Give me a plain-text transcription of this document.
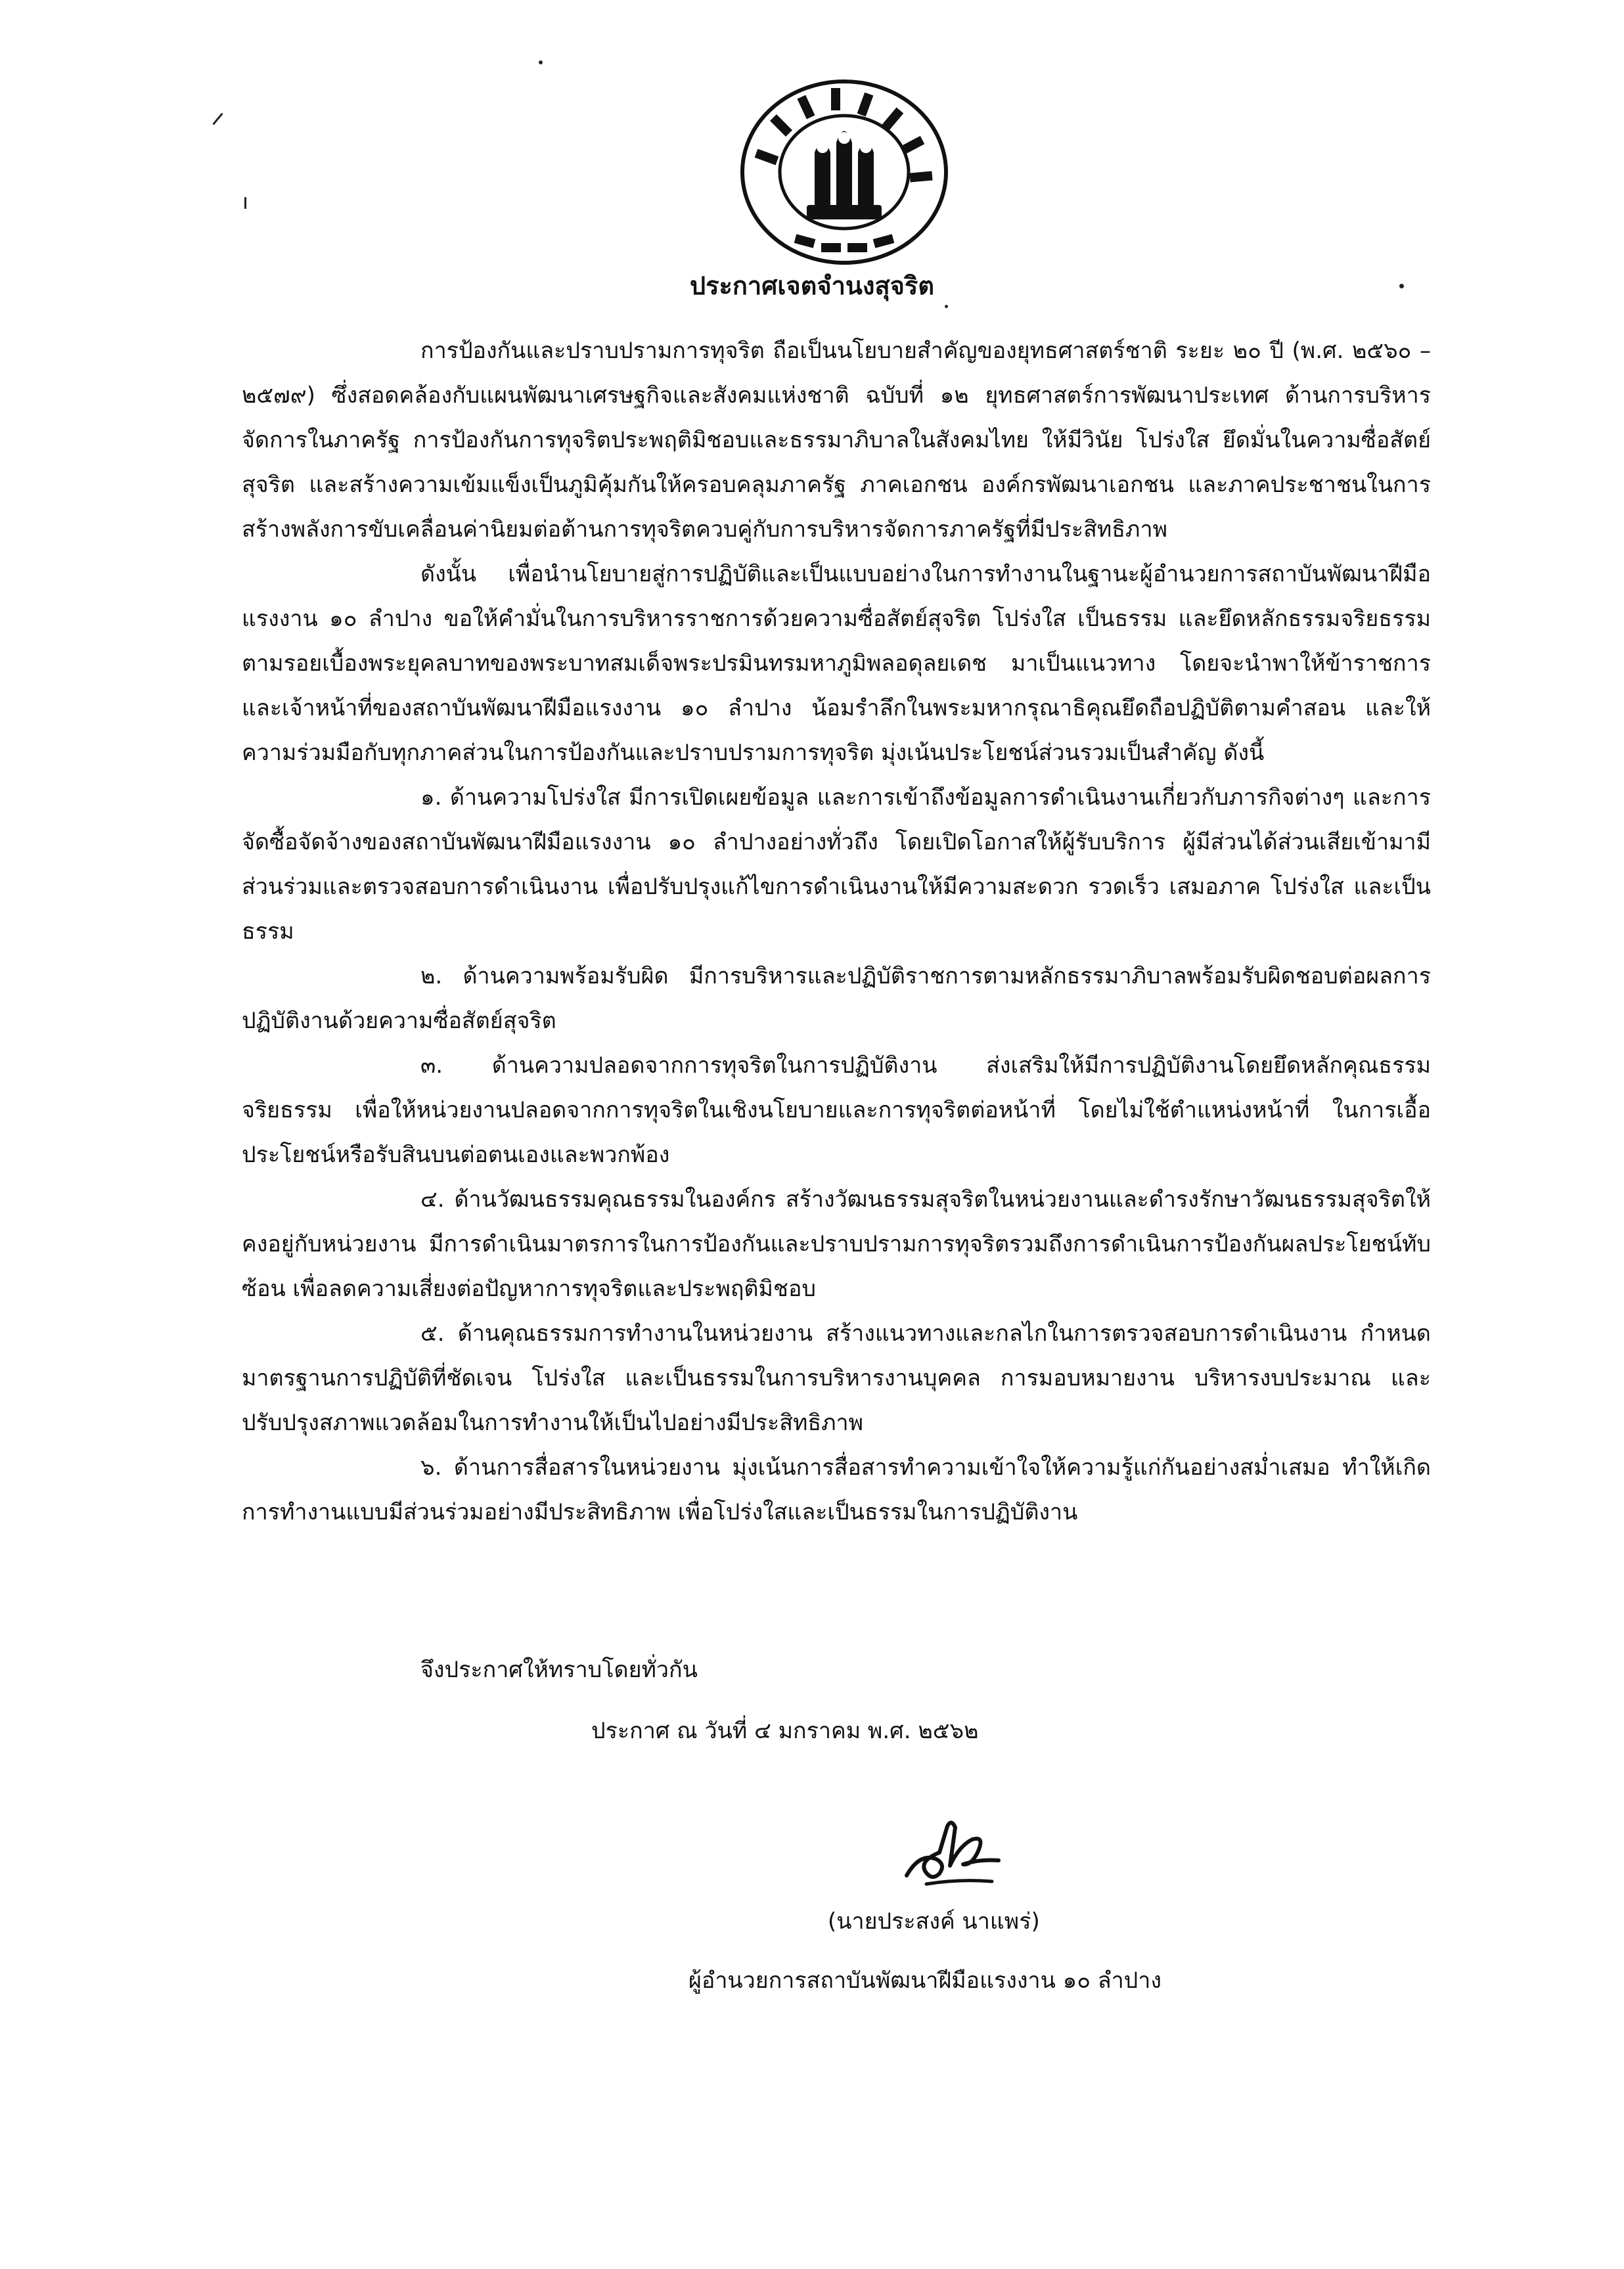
ประกาศเจตจำนงสุจริต

การป้องกันและปราบปรามการทุจริต ถือเป็นนโยบายสำคัญของยุทธศาสตร์ชาติ ระยะ ๒๐ ปี (พ.ศ. ๒๕๖๐ – ๒๕๗๙) ซึ่งสอดคล้องกับแผนพัฒนาเศรษฐกิจและสังคมแห่งชาติ ฉบับที่ ๑๒ ยุทธศาสตร์การพัฒนาประเทศ ด้านการบริหารจัดการในภาครัฐ การป้องกันการทุจริตประพฤติมิชอบและธรรมาภิบาลในสังคมไทย ให้มีวินัย โปร่งใส ยึดมั่นในความซื่อสัตย์สุจริต และสร้างความเข้มแข็งเป็นภูมิคุ้มกันให้ครอบคลุมภาครัฐ ภาคเอกชน องค์กรพัฒนาเอกชน และภาคประชาชนในการสร้างพลังการขับเคลื่อนค่านิยมต่อต้านการทุจริตควบคู่กับการบริหารจัดการภาครัฐที่มีประสิทธิภาพ

ดังนั้น เพื่อนำนโยบายสู่การปฏิบัติและเป็นแบบอย่างในการทำงานในฐานะผู้อำนวยการสถาบันพัฒนาฝีมือแรงงาน ๑๐ ลำปาง ขอให้คำมั่นในการบริหารราชการด้วยความซื่อสัตย์สุจริต โปร่งใส เป็นธรรม และยึดหลักธรรมจริยธรรมตามรอยเบื้องพระยุคลบาทของพระบาทสมเด็จพระปรมินทรมหาภูมิพลอดุลยเดช มาเป็นแนวทาง โดยจะนำพาให้ข้าราชการและเจ้าหน้าที่ของสถาบันพัฒนาฝีมือแรงงาน ๑๐ ลำปาง น้อมรำลึกในพระมหากรุณาธิคุณยึดถือปฏิบัติตามคำสอน และให้ความร่วมมือกับทุกภาคส่วนในการป้องกันและปราบปรามการทุจริต มุ่งเน้นประโยชน์ส่วนรวมเป็นสำคัญ ดังนี้

๑. ด้านความโปร่งใส มีการเปิดเผยข้อมูล และการเข้าถึงข้อมูลการดำเนินงานเกี่ยวกับภารกิจต่างๆ และการจัดซื้อจัดจ้างของสถาบันพัฒนาฝีมือแรงงาน ๑๐ ลำปางอย่างทั่วถึง โดยเปิดโอกาสให้ผู้รับบริการ ผู้มีส่วนได้ส่วนเสียเข้ามามีส่วนร่วมและตรวจสอบการดำเนินงาน เพื่อปรับปรุงแก้ไขการดำเนินงานให้มีความสะดวก รวดเร็ว เสมอภาค โปร่งใส และเป็นธรรม

๒. ด้านความพร้อมรับผิด มีการบริหารและปฏิบัติราชการตามหลักธรรมาภิบาลพร้อมรับผิดชอบต่อผลการปฏิบัติงานด้วยความซื่อสัตย์สุจริต

๓. ด้านความปลอดจากการทุจริตในการปฏิบัติงาน ส่งเสริมให้มีการปฏิบัติงานโดยยึดหลักคุณธรรมจริยธรรม เพื่อให้หน่วยงานปลอดจากการทุจริตในเชิงนโยบายและการทุจริตต่อหน้าที่ โดยไม่ใช้ตำแหน่งหน้าที่ ในการเอื้อประโยชน์หรือรับสินบนต่อตนเองและพวกพ้อง

๔. ด้านวัฒนธรรมคุณธรรมในองค์กร สร้างวัฒนธรรมสุจริตในหน่วยงานและดำรงรักษาวัฒนธรรมสุจริตให้คงอยู่กับหน่วยงาน มีการดำเนินมาตรการในการป้องกันและปราบปรามการทุจริตรวมถึงการดำเนินการป้องกันผลประโยชน์ทับซ้อน เพื่อลดความเสี่ยงต่อปัญหาการทุจริตและประพฤติมิชอบ

๕. ด้านคุณธรรมการทำงานในหน่วยงาน สร้างแนวทางและกลไกในการตรวจสอบการดำเนินงาน กำหนดมาตรฐานการปฏิบัติที่ชัดเจน โปร่งใส และเป็นธรรมในการบริหารงานบุคคล การมอบหมายงาน บริหารงบประมาณ และปรับปรุงสภาพแวดล้อมในการทำงานให้เป็นไปอย่างมีประสิทธิภาพ

๖. ด้านการสื่อสารในหน่วยงาน มุ่งเน้นการสื่อสารทำความเข้าใจให้ความรู้แก่กันอย่างสม่ำเสมอ ทำให้เกิดการทำงานแบบมีส่วนร่วมอย่างมีประสิทธิภาพ เพื่อโปร่งใสและเป็นธรรมในการปฏิบัติงาน

จึงประกาศให้ทราบโดยทั่วกัน
ประกาศ ณ วันที่ ๔ มกราคม พ.ศ. ๒๕๖๒
(นายประสงค์ นาแพร่)
ผู้อำนวยการสถาบันพัฒนาฝีมือแรงงาน ๑๐ ลำปาง
